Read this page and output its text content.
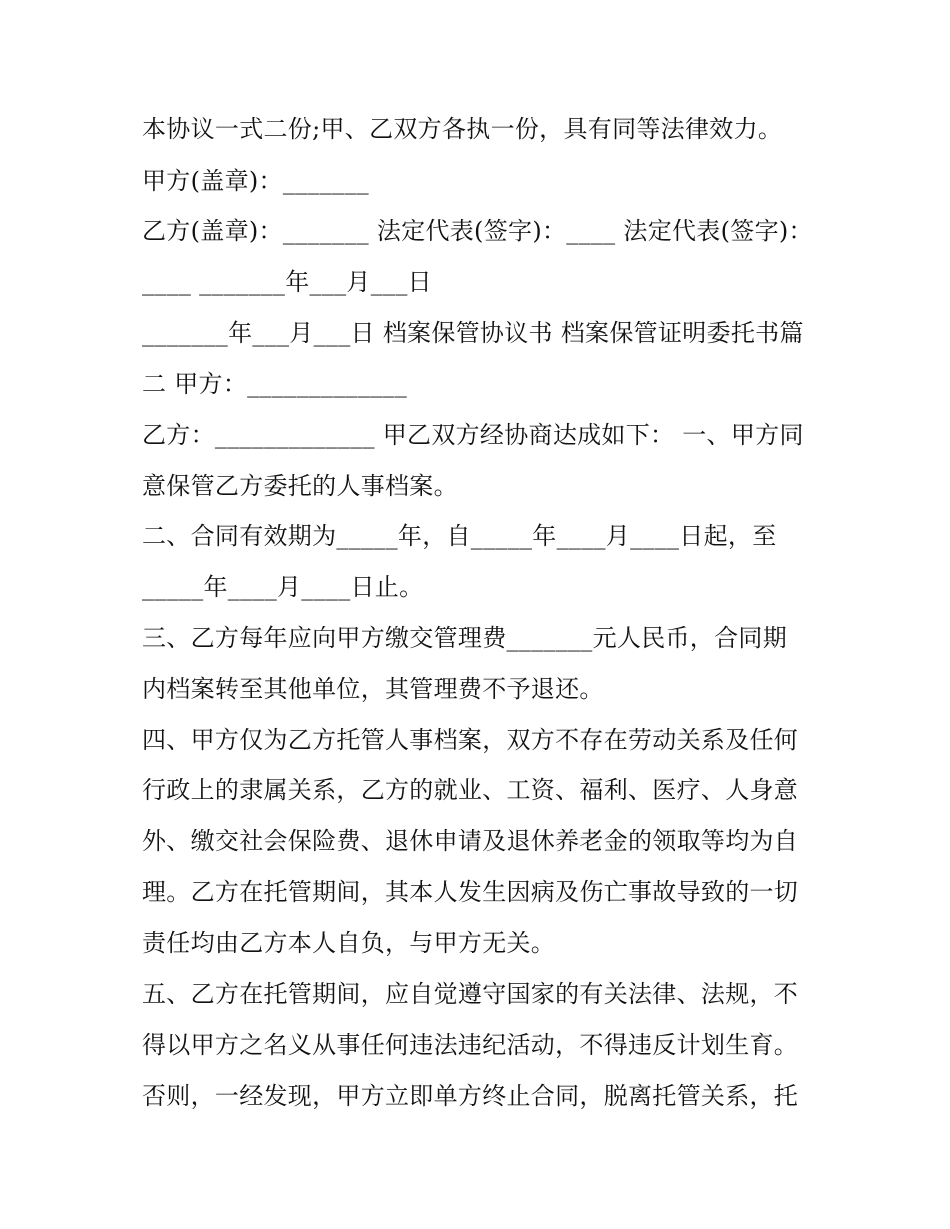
本协议一式二份;甲、乙双方各执一份，具有同等法律效力。
甲方(盖章)：_______
乙方(盖章)：_______ 法定代表(签字)：____ 法定代表(签字)：
____ _______年___月___日
_______年___月___日 档案保管协议书 档案保管证明委托书篇
二 甲方：_____________
乙方：_____________ 甲乙双方经协商达成如下： 一、甲方同
意保管乙方委托的人事档案。
二、合同有效期为_____年，自_____年____月____日起，至
_____年____月____日止。
三、乙方每年应向甲方缴交管理费_______元人民币，合同期
内档案转至其他单位，其管理费不予退还。
四、甲方仅为乙方托管人事档案，双方不存在劳动关系及任何
行政上的隶属关系，乙方的就业、工资、福利、医疗、人身意
外、缴交社会保险费、退休申请及退休养老金的领取等均为自
理。乙方在托管期间，其本人发生因病及伤亡事故导致的一切
责任均由乙方本人自负，与甲方无关。
五、乙方在托管期间，应自觉遵守国家的有关法律、法规，不
得以甲方之名义从事任何违法违纪活动，不得违反计划生育。
否则，一经发现，甲方立即单方终止合同，脱离托管关系，托
